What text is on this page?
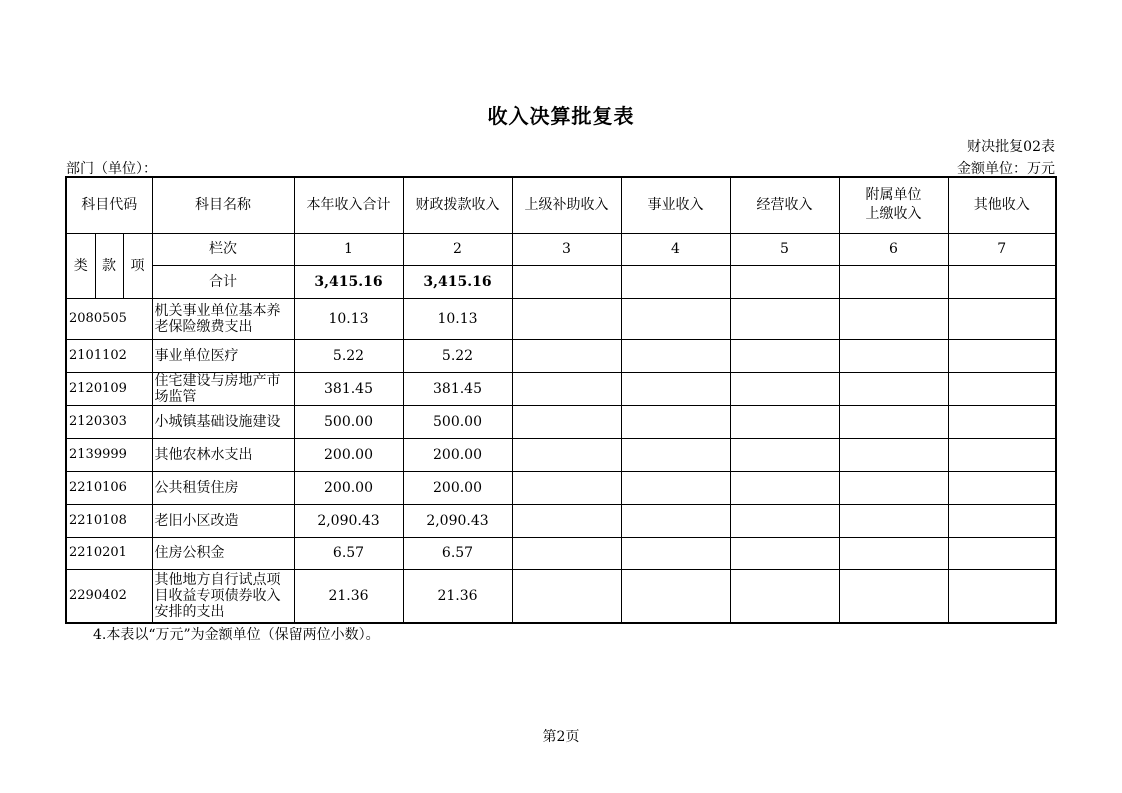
收入决算批复表
财决批复02表
部门（单位）：	金额单位：万元
科目代码			科目名称	本年收入合计	财政拨款收入	上级补助收入	事业收入	经营收入	附属单位上缴收入	其他收入
类	款	项	栏次	1	2	3	4	5	6	7
			合计	3,415.16	3,415.16					
2080505			机关事业单位基本养老保险缴费支出	10.13	10.13					
2101102			事业单位医疗	5.22	5.22					
2120109			住宅建设与房地产市场监管	381.45	381.45					
2120303			小城镇基础设施建设	500.00	500.00					
2139999			其他农林水支出	200.00	200.00					
2210106			公共租赁住房	200.00	200.00					
2210108			老旧小区改造	2,090.43	2,090.43					
2210201			住房公积金	6.57	6.57					
2290402			其他地方自行试点项目收益专项债券收入安排的支出	21.36	21.36					
4.本表以“万元”为金额单位（保留两位小数）。
第2页
